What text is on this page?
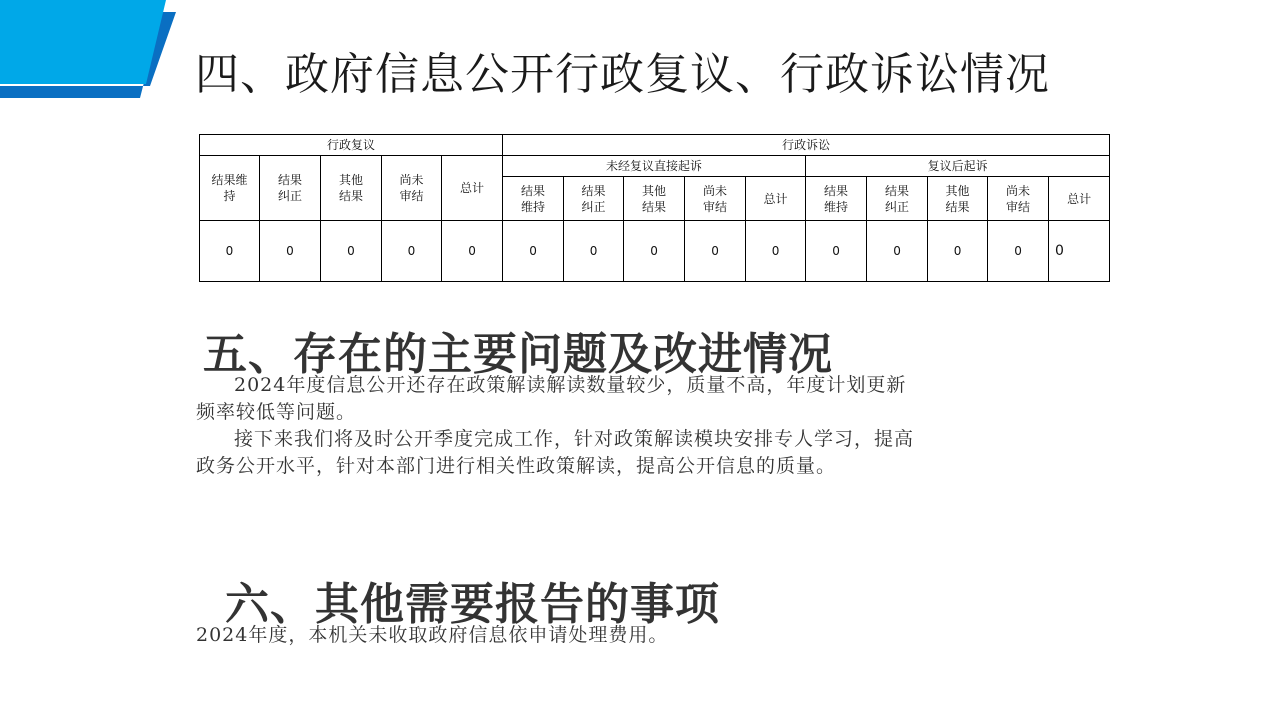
四、政府信息公开行政复议、行政诉讼情况
行政复议					行政诉讼									
结果维持	结果纠正	其他结果	尚未审结	总计	未经复议直接起诉					复议后起诉				
					结果维持	结果纠正	其他结果	尚未审结	总计	结果维持	结果纠正	其他结果	尚未审结	总计
0	0	0	0	0	0	0	0	0	0	0	0	0	0	0
五、存在的主要问题及改进情况

2024年度信息公开还存在政策解读解读数量较少，质量不高，年度计划更新频率较低等问题。

接下来我们将及时公开季度完成工作，针对政策解读模块安排专人学习，提高政务公开水平，针对本部门进行相关性政策解读，提高公开信息的质量。

六、其他需要报告的事项

2024年度，本机关未收取政府信息依申请处理费用。
